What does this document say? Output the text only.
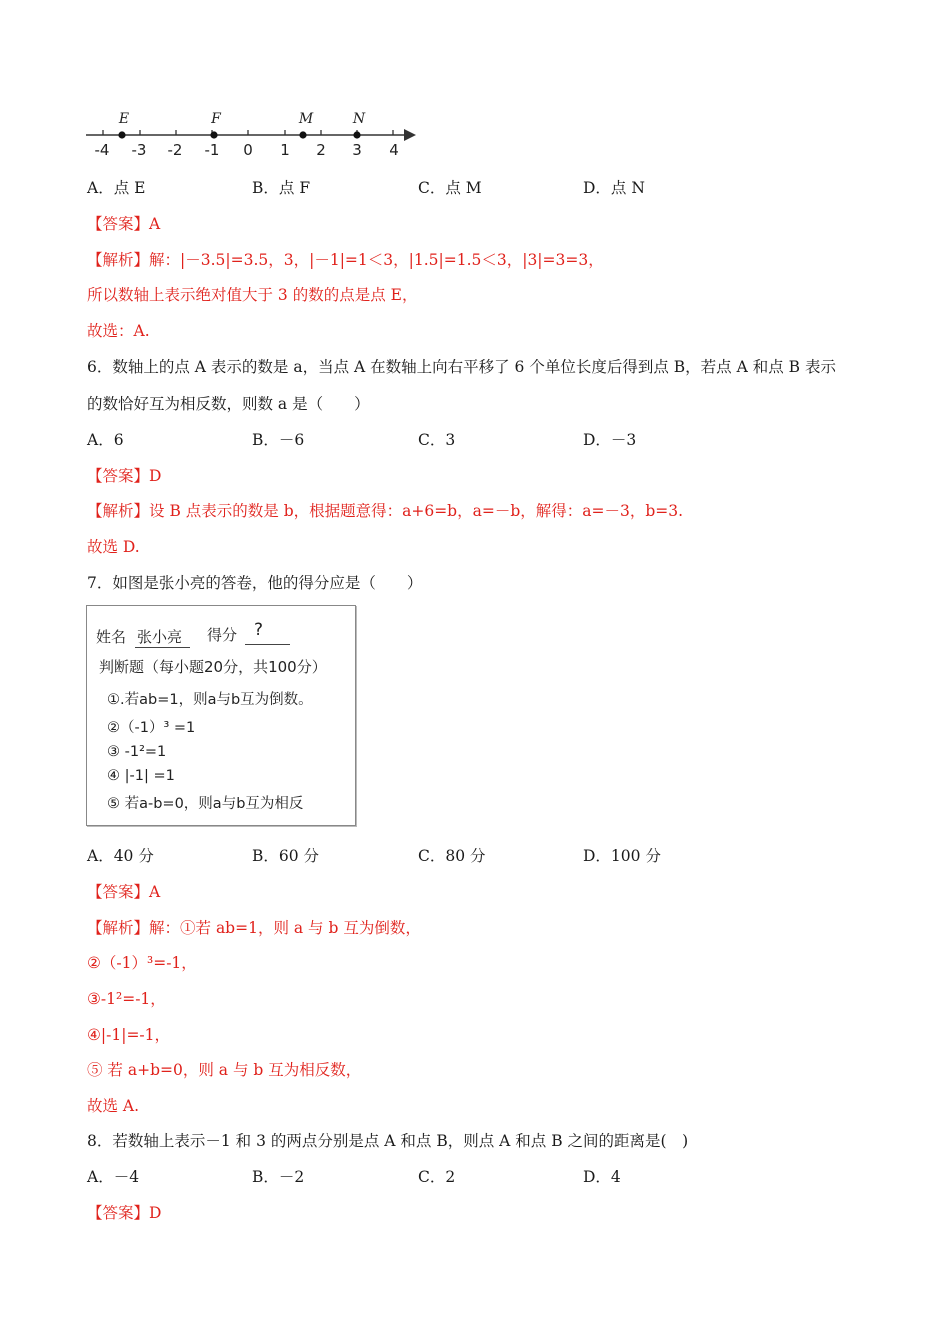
E	F	M	N
-4 -3 -2 -1 0 1 2 3 4
A．点 E	B．点 F	C．点 M	D．点 N
【答案】A
【解析】解：|－3.5|=3.5，3，|－1|=1＜3，|1.5|=1.5＜3，|3|=3=3，
所以数轴上表示绝对值大于 3 的数的点是点 E，
故选：A.
6．数轴上的点 A 表示的数是 a，当点 A 在数轴上向右平移了 6 个单位长度后得到点 B，若点 A 和点 B 表示
的数恰好互为相反数，则数 a 是（　　）
A．6	B．－6	C．3	D．－3
【答案】D
【解析】设 B 点表示的数是 b，根据题意得：a+6=b，a=－b，解得：a=－3，b=3.
故选 D.
7．如图是张小亮的答卷，他的得分应是（　　）
姓名 张小亮 得分 ?
判断题（每小题20分，共100分）
①.若ab=1，则a与b互为倒数。
②（-1）³ =1
③ -1²=1
④ |-1| =1
⑤ 若a-b=0，则a与b互为相反
A．40 分	B．60 分	C．80 分	D．100 分
【答案】A
【解析】解：①若 ab=1，则 a 与 b 互为倒数，
②（-1）³=-1，
③-1²=-1，
④|-1|=-1，
⑤ 若 a+b=0，则 a 与 b 互为相反数，
故选 A.
8．若数轴上表示－1 和 3 的两点分别是点 A 和点 B，则点 A 和点 B 之间的距离是(　)
A．－4	B．－2	C．2	D．4
【答案】D
